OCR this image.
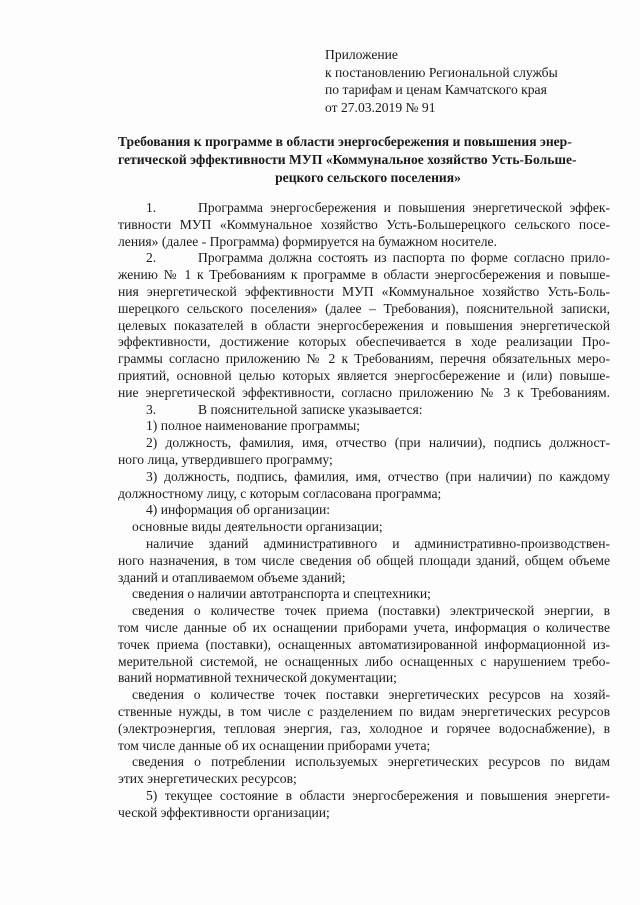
Приложение
к постановлению Региональной службы
по тарифам и ценам Камчатского края
от 27.03.2019 № 91
Требования к программе в области энергосбережения и повышения энер-
гетической эффективности МУП «Коммунальное хозяйство Усть-Больше-
рецкого сельского поселения»
1.	Программа энергосбережения и повышения энергетической эффек-
тивности МУП «Коммунальное хозяйство Усть-Большерецкого сельского посе-
ления» (далее - Программа) формируется на бумажном носителе.
2.	Программа должна состоять из паспорта по форме согласно прило-
жению № 1 к Требованиям к программе в области энергосбережения и повыше-
ния энергетической эффективности МУП «Коммунальное хозяйство Усть-Боль-
шерецкого сельского поселения» (далее – Требования), пояснительной записки,
целевых показателей в области энергосбережения и повышения энергетической
эффективности, достижение которых обеспечивается в ходе реализации Про-
граммы согласно приложению № 2 к Требованиям, перечня обязательных меро-
приятий, основной целью которых является энергосбережение и (или) повыше-
ние энергетической эффективности, согласно приложению № 3 к Требованиям.
3.	В пояснительной записке указывается:
1) полное наименование программы;
2) должность, фамилия, имя, отчество (при наличии), подпись должност-
ного лица, утвердившего программу;
3) должность, подпись, фамилия, имя, отчество (при наличии) по каждому
должностному лицу, с которым согласована программа;
4) информация об организации:
основные виды деятельности организации;
наличие зданий административного и административно-производствен-
ного назначения, в том числе сведения об общей площади зданий, общем объеме
зданий и отапливаемом объеме зданий;
сведения о наличии автотранспорта и спецтехники;
сведения о количестве точек приема (поставки) электрической энергии, в
том числе данные об их оснащении приборами учета, информация о количестве
точек приема (поставки), оснащенных автоматизированной информационной из-
мерительной системой, не оснащенных либо оснащенных с нарушением требо-
ваний нормативной технической документации;
сведения о количестве точек поставки энергетических ресурсов на хозяй-
ственные нужды, в том числе с разделением по видам энергетических ресурсов
(электроэнергия, тепловая энергия, газ, холодное и горячее водоснабжение), в
том числе данные об их оснащении приборами учета;
сведения о потреблении используемых энергетических ресурсов по видам
этих энергетических ресурсов;
5) текущее состояние в области энергосбережения и повышения энергети-
ческой эффективности организации;
